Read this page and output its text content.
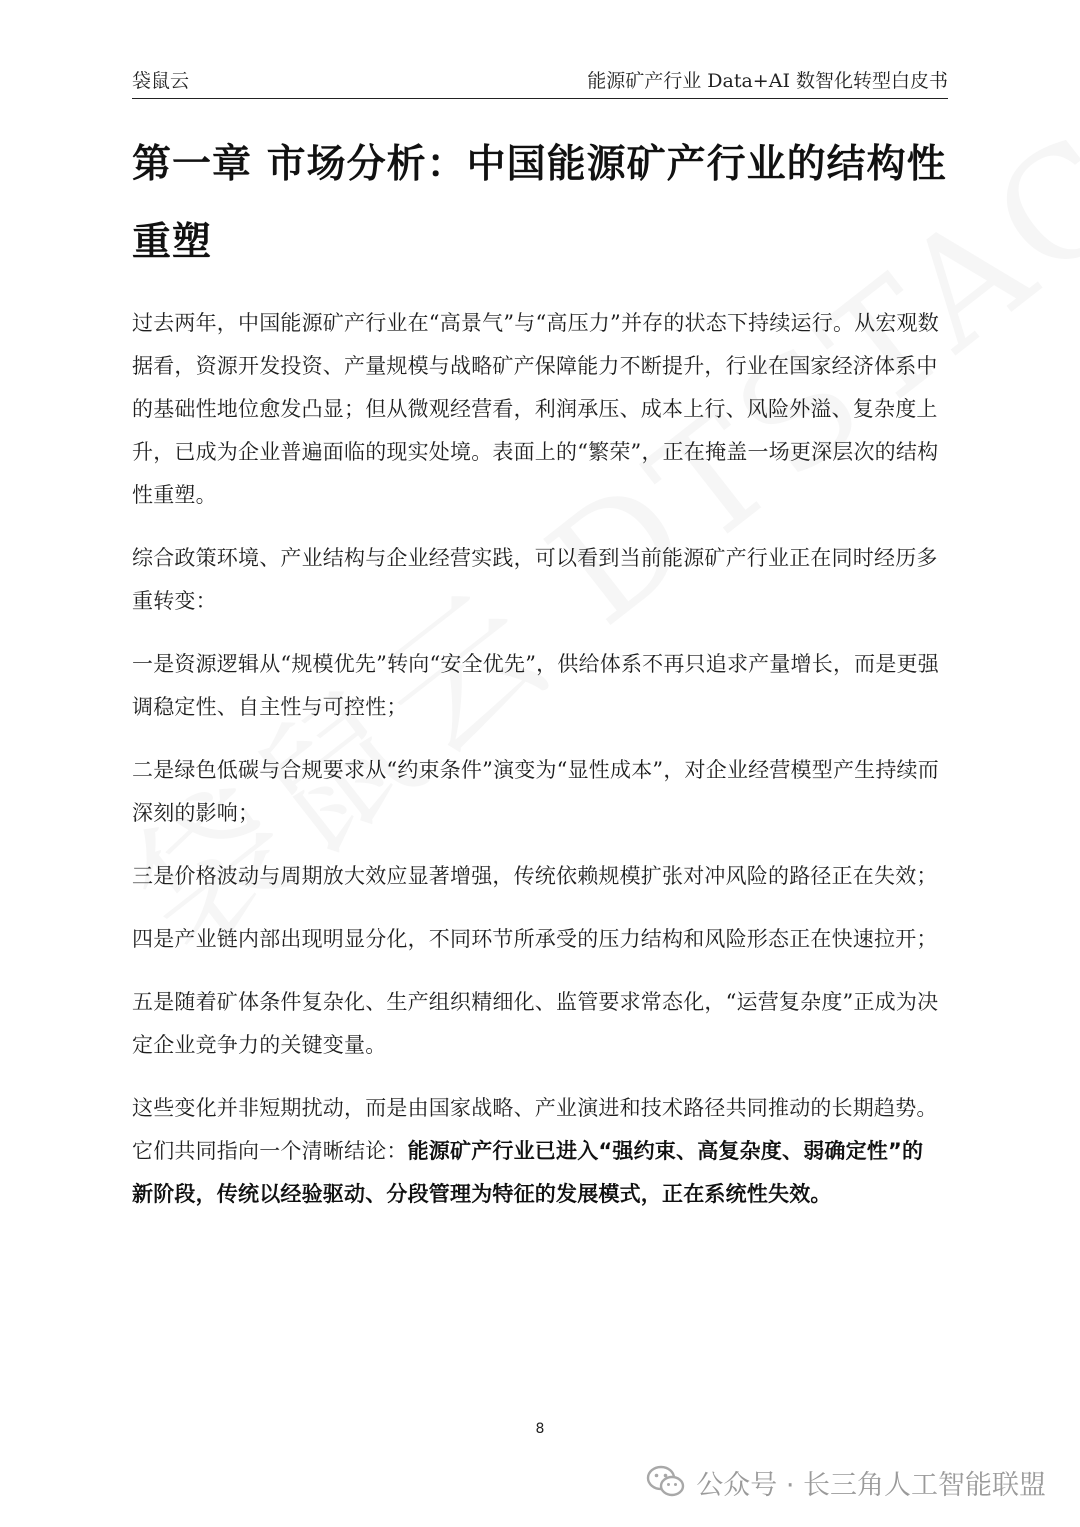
袋鼠云	能源矿产行业 Data+AI 数智化转型白皮书
第一章 市场分析：中国能源矿产行业的结构性重塑

过去两年，中国能源矿产行业在“高景气”与“高压力”并存的状态下持续运行。从宏观数据看，资源开发投资、产量规模与战略矿产保障能力不断提升，行业在国家经济体系中的基础性地位愈发凸显；但从微观经营看，利润承压、成本上行、风险外溢、复杂度上升，已成为企业普遍面临的现实处境。表面上的“繁荣”，正在掩盖一场更深层次的结构性重塑。

综合政策环境、产业结构与企业经营实践，可以看到当前能源矿产行业正在同时经历多重转变：

一是资源逻辑从“规模优先”转向“安全优先”，供给体系不再只追求产量增长，而是更强调稳定性、自主性与可控性；

二是绿色低碳与合规要求从“约束条件”演变为“显性成本”，对企业经营模型产生持续而深刻的影响；

三是价格波动与周期放大效应显著增强，传统依赖规模扩张对冲风险的路径正在失效；

四是产业链内部出现明显分化，不同环节所承受的压力结构和风险形态正在快速拉开；

五是随着矿体条件复杂化、生产组织精细化、监管要求常态化，“运营复杂度”正成为决定企业竞争力的关键变量。

这些变化并非短期扰动，而是由国家战略、产业演进和技术路径共同推动的长期趋势。它们共同指向一个清晰结论：能源矿产行业已进入“强约束、高复杂度、弱确定性”的新阶段，传统以经验驱动、分段管理为特征的发展模式，正在系统性失效。

8
公众号 · 长三角人工智能联盟
